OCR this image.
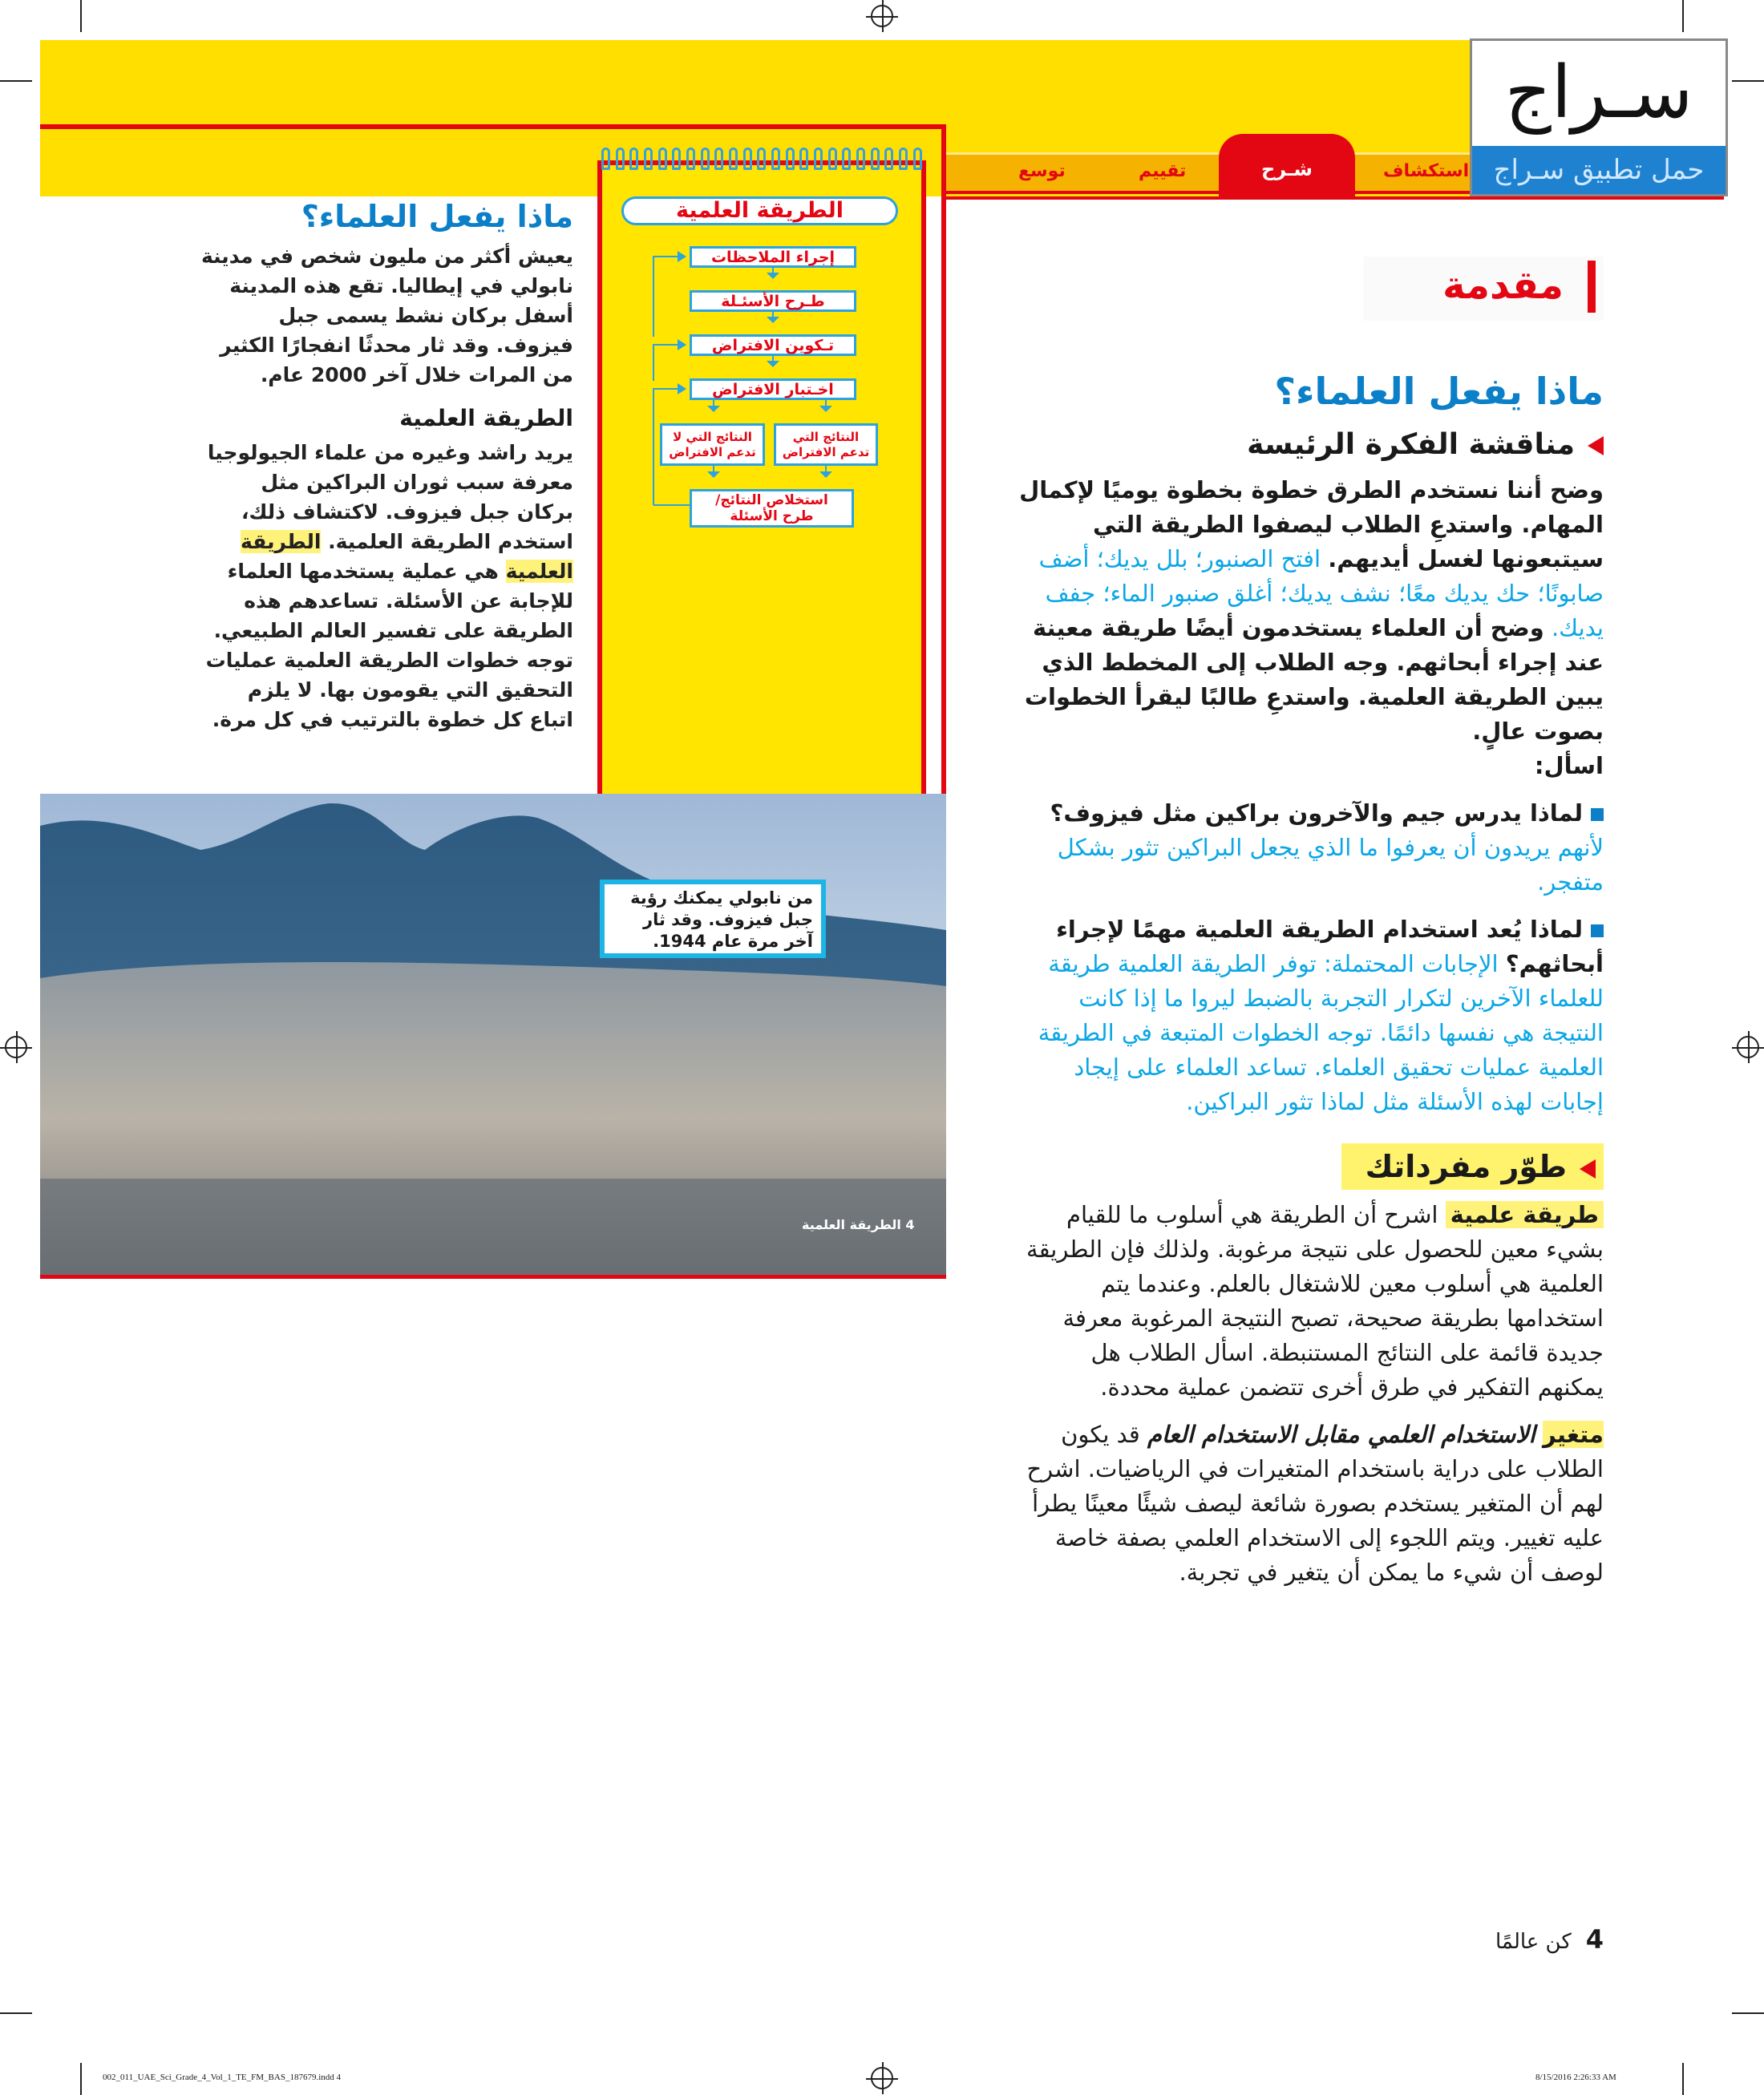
استكشاف
شـرح
تقييم
توسع
سـراج
حمل تطبيق سـراج
ماذا يفعل العلماء؟
يعيش أكثر من مليون شخص في مدينة نابولي في إيطاليا. تقع هذه المدينة أسفل بركان نشط يسمى جبل فيزوف. وقد ثار محدثًا انفجارًا الكثير من المرات خلال آخر 2000 عام.
الطريقة العلمية
يريد راشد وغيره من علماء الجيولوجيا معرفة سبب ثوران البراكين مثل بركان جبل فيزوف. لاكتشاف ذلك، استخدم الطريقة العلمية. الطريقة العلمية هي عملية يستخدمها العلماء للإجابة عن الأسئلة. تساعدهم هذه الطريقة على تفسير العالم الطبيعي. توجه خطوات الطريقة العلمية عمليات التحقيق التي يقومون بها. لا يلزم اتباع كل خطوة بالترتيب في كل مرة.
الطريقة العلمية
إجراء الملاحظات
طـرح الأسئـلة
تـكوين الافتراض
اخـتبار الافتراض
النتائج التي تدعم الافتراض
النتائج التي لا تدعم الافتراض
استخلاص النتائج/ طرح الأسئلة
4 الطريقة العلمية
من نابولي يمكنك رؤية جبل فيزوف. وقد ثار آخر مرة عام 1944.
مقدمة
ماذا يفعل العلماء؟
مناقشة الفكرة الرئيسة
وضح أننا نستخدم الطرق خطوة بخطوة يوميًا لإكمال المهام. واستدعِ الطلاب ليصفوا الطريقة التي سيتبعونها لغسل أيديهم. افتح الصنبور؛ بلل يديك؛ أضف صابونًا؛ حك يديك معًا؛ نشف يديك؛ أغلق صنبور الماء؛ جفف يديك. وضح أن العلماء يستخدمون أيضًا طريقة معينة عند إجراء أبحاثهم. وجه الطلاب إلى المخطط الذي يبين الطريقة العلمية. واستدعِ طالبًا ليقرأ الخطوات بصوت عالٍ.
اسأل:
لماذا يدرس جيم والآخرون براكين مثل فيزوف؟ لأنهم يريدون أن يعرفوا ما الذي يجعل البراكين تثور بشكل متفجر.
لماذا يُعد استخدام الطريقة العلمية مهمًا لإجراء أبحاثهم؟ الإجابات المحتملة: توفر الطريقة العلمية طريقة للعلماء الآخرين لتكرار التجربة بالضبط ليروا ما إذا كانت النتيجة هي نفسها دائمًا. توجه الخطوات المتبعة في الطريقة العلمية عمليات تحقيق العلماء. تساعد العلماء على إيجاد إجابات لهذه الأسئلة مثل لماذا تثور البراكين.
طوّر مفرداتك
طريقة علمية اشرح أن الطريقة هي أسلوب ما للقيام بشيء معين للحصول على نتيجة مرغوبة. ولذلك فإن الطريقة العلمية هي أسلوب معين للاشتغال بالعلم. وعندما يتم استخدامها بطريقة صحيحة، تصبح النتيجة المرغوبة معرفة جديدة قائمة على النتائج المستنبطة. اسأل الطلاب هل يمكنهم التفكير في طرق أخرى تتضمن عملية محددة.
متغير الاستخدام العلمي مقابل الاستخدام العام قد يكون الطلاب على دراية باستخدام المتغيرات في الرياضيات. اشرح لهم أن المتغير يستخدم بصورة شائعة ليصف شيئًا معينًا يطرأ عليه تغيير. ويتم اللجوء إلى الاستخدام العلمي بصفة خاصة لوصف أن شيء ما يمكن أن يتغير في تجربة.
4كن عالمًا
002_011_UAE_Sci_Grade_4_Vol_1_TE_FM_BAS_187679.indd 4	8/15/2016 2:26:33 AM
